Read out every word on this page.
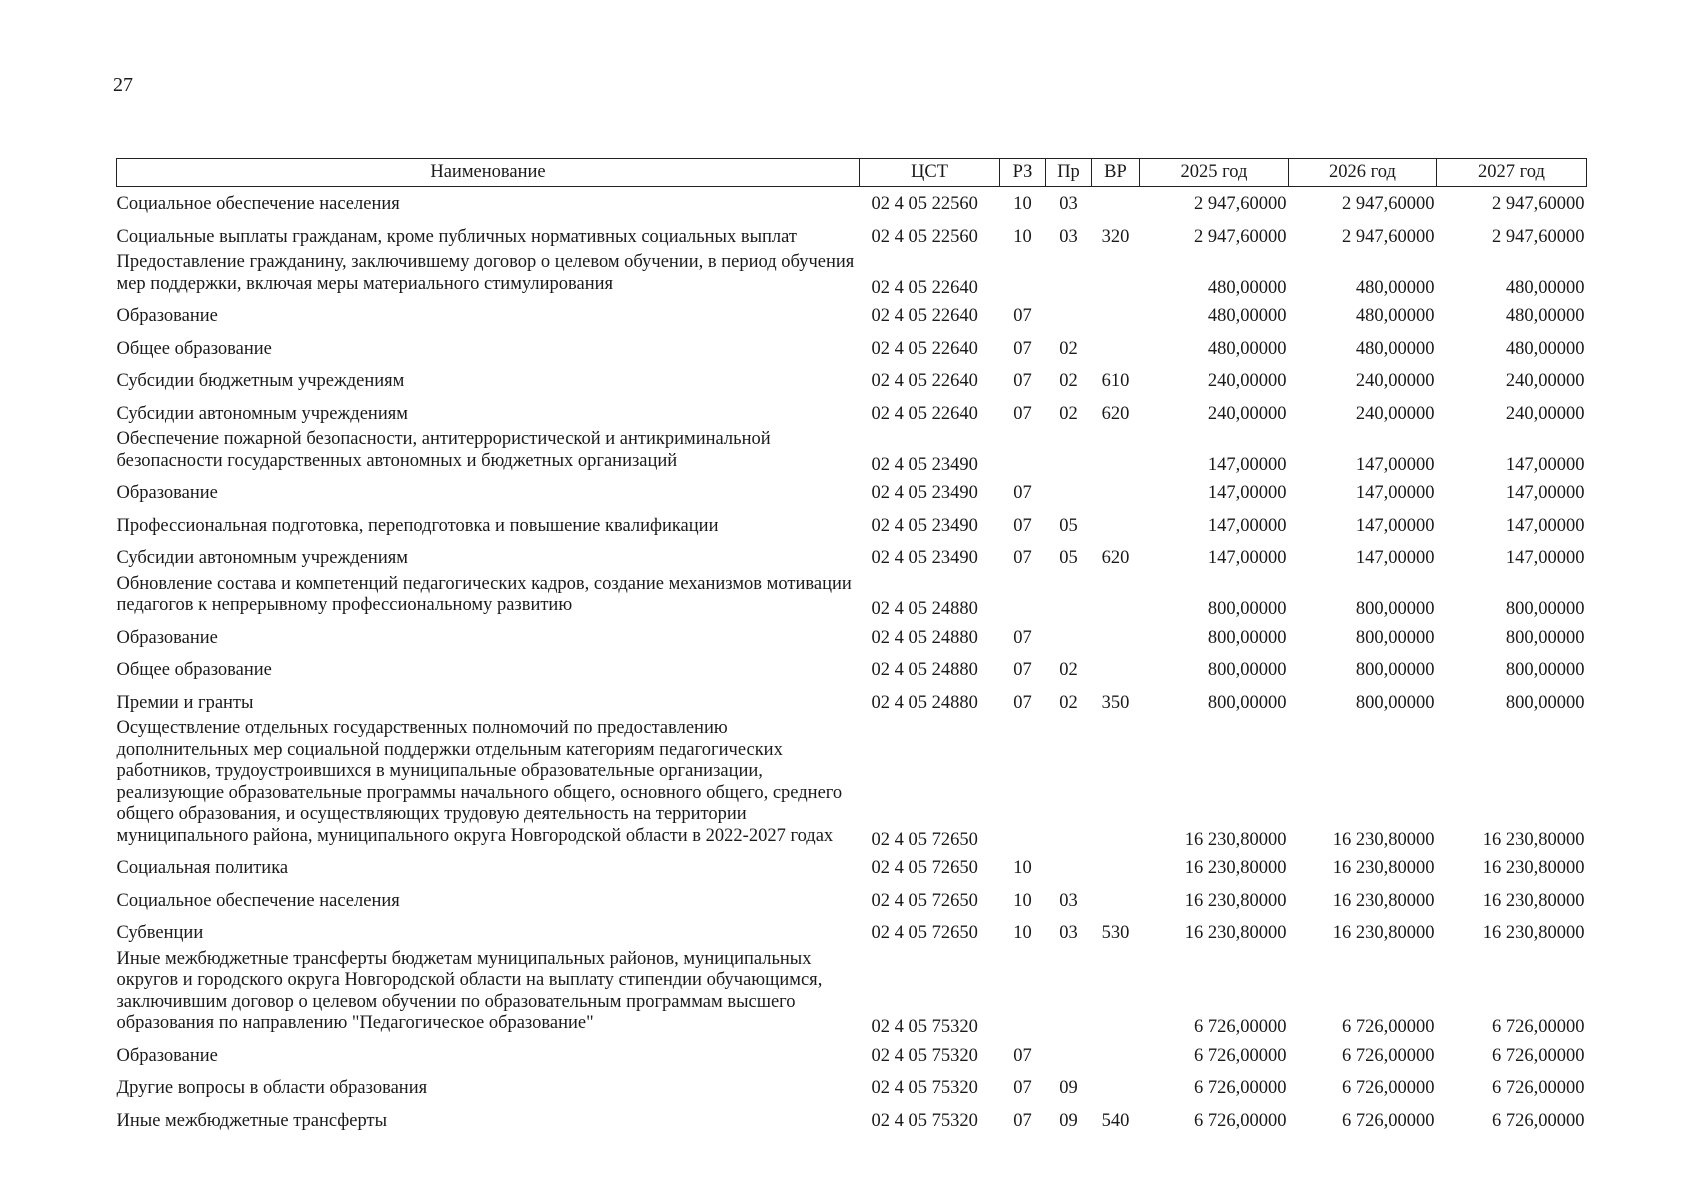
27
Наименование	ЦСТ	РЗ	Пр	ВР	2025 год	2026 год	2027 год
Социальное обеспечение населения	02 4 05 22560	10	03		2 947,60000	2 947,60000	2 947,60000
Социальные выплаты гражданам, кроме публичных нормативных социальных выплат	02 4 05 22560	10	03	320	2 947,60000	2 947,60000	2 947,60000
Предоставление гражданину, заключившему договор о целевом обучении, в период обучения мер поддержки, включая меры материального стимулирования	02 4 05 22640				480,00000	480,00000	480,00000
Образование	02 4 05 22640	07			480,00000	480,00000	480,00000
Общее образование	02 4 05 22640	07	02		480,00000	480,00000	480,00000
Субсидии бюджетным учреждениям	02 4 05 22640	07	02	610	240,00000	240,00000	240,00000
Субсидии автономным учреждениям	02 4 05 22640	07	02	620	240,00000	240,00000	240,00000
Обеспечение пожарной безопасности, антитеррористической и антикриминальной безопасности государственных автономных и бюджетных организаций	02 4 05 23490				147,00000	147,00000	147,00000
Образование	02 4 05 23490	07			147,00000	147,00000	147,00000
Профессиональная подготовка, переподготовка и повышение квалификации	02 4 05 23490	07	05		147,00000	147,00000	147,00000
Субсидии автономным учреждениям	02 4 05 23490	07	05	620	147,00000	147,00000	147,00000
Обновление состава и компетенций педагогических кадров, создание механизмов мотивации педагогов к непрерывному профессиональному развитию	02 4 05 24880				800,00000	800,00000	800,00000
Образование	02 4 05 24880	07			800,00000	800,00000	800,00000
Общее образование	02 4 05 24880	07	02		800,00000	800,00000	800,00000
Премии и гранты	02 4 05 24880	07	02	350	800,00000	800,00000	800,00000
Осуществление отдельных государственных полномочий по предоставлению дополнительных мер социальной поддержки отдельным категориям педагогических работников, трудоустроившихся в муниципальные образовательные организации, реализующие образовательные программы начального общего, основного общего, среднего общего образования, и осуществляющих трудовую деятельность на территории муниципального района, муниципального округа Новгородской области в 2022-2027 годах	02 4 05 72650				16 230,80000	16 230,80000	16 230,80000
Социальная политика	02 4 05 72650	10			16 230,80000	16 230,80000	16 230,80000
Социальное обеспечение населения	02 4 05 72650	10	03		16 230,80000	16 230,80000	16 230,80000
Субвенции	02 4 05 72650	10	03	530	16 230,80000	16 230,80000	16 230,80000
Иные межбюджетные трансферты бюджетам муниципальных районов, муниципальных округов и городского округа Новгородской области на выплату стипендии обучающимся, заключившим договор о целевом обучении по образовательным программам высшего образования по направлению "Педагогическое образование"	02 4 05 75320				6 726,00000	6 726,00000	6 726,00000
Образование	02 4 05 75320	07			6 726,00000	6 726,00000	6 726,00000
Другие вопросы в области образования	02 4 05 75320	07	09		6 726,00000	6 726,00000	6 726,00000
Иные межбюджетные трансферты	02 4 05 75320	07	09	540	6 726,00000	6 726,00000	6 726,00000
